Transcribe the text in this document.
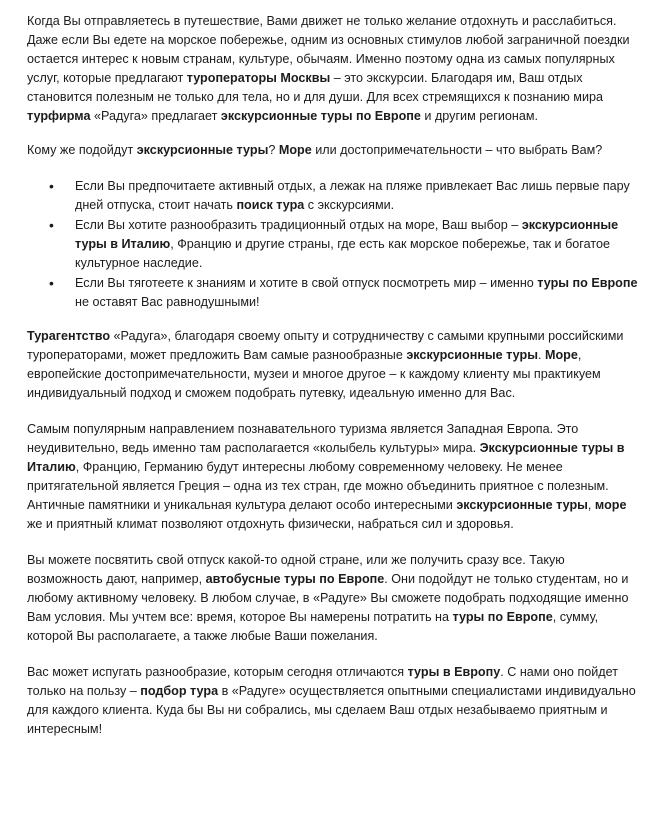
Когда Вы отправляетесь в путешествие, Вами движет не только желание отдохнуть и расслабиться. Даже если Вы едете на морское побережье, одним из основных стимулов любой заграничной поездки остается интерес к новым странам, культуре, обычаям. Именно поэтому одна из самых популярных услуг, которые предлагают туроператоры Москвы – это экскурсии. Благодаря им, Ваш отдых становится полезным не только для тела, но и для души. Для всех стремящихся к познанию мира турфирма «Радуга» предлагает экскурсионные туры по Европе и другим регионам.

Кому же подойдут экскурсионные туры? Море или достопримечательности – что выбрать Вам?

• Если Вы предпочитаете активный отдых, а лежак на пляже привлекает Вас лишь первые пару дней отпуска, стоит начать поиск тура с экскурсиями.
• Если Вы хотите разнообразить традиционный отдых на море, Ваш выбор – экскурсионные туры в Италию, Францию и другие страны, где есть как морское побережье, так и богатое культурное наследие.
• Если Вы тяготеете к знаниям и хотите в свой отпуск посмотреть мир – именно туры по Европе не оставят Вас равнодушными!

Турагентство «Радуга», благодаря своему опыту и сотрудничеству с самыми крупными российскими туроператорами, может предложить Вам самые разнообразные экскурсионные туры. Море, европейские достопримечательности, музеи и многое другое – к каждому клиенту мы практикуем индивидуальный подход и сможем подобрать путевку, идеальную именно для Вас.

Самым популярным направлением познавательного туризма является Западная Европа. Это неудивительно, ведь именно там располагается «колыбель культуры» мира. Экскурсионные туры в Италию, Францию, Германию будут интересны любому современному человеку. Не менее притягательной является Греция – одна из тех стран, где можно объединить приятное с полезным. Античные памятники и уникальная культура делают особо интересными экскурсионные туры, море же и приятный климат позволяют отдохнуть физически, набраться сил и здоровья.

Вы можете посвятить свой отпуск какой-то одной стране, или же получить сразу все. Такую возможность дают, например, автобусные туры по Европе. Они подойдут не только студентам, но и любому активному человеку. В любом случае, в «Радуге» Вы сможете подобрать подходящие именно Вам условия. Мы учтем все: время, которое Вы намерены потратить на туры по Европе, сумму, которой Вы располагаете, а также любые Ваши пожелания.

Вас может испугать разнообразие, которым сегодня отличаются туры в Европу. С нами оно пойдет только на пользу – подбор тура в «Радуге» осуществляется опытными специалистами индивидуально для каждого клиента. Куда бы Вы ни собрались, мы сделаем Ваш отдых незабываемо приятным и интересным!
